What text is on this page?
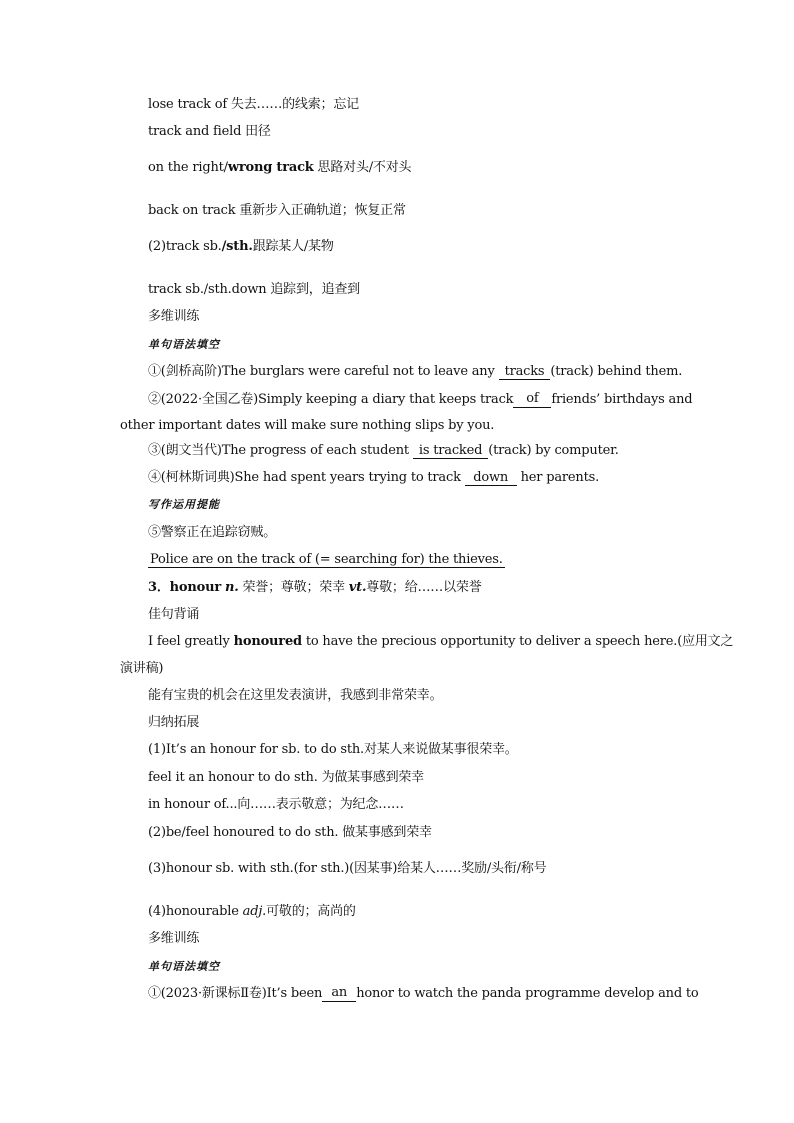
lose track of 失去……的线索；忘记
track and field 田径
on the right/wrong track 思路对头/不对头
back on track 重新步入正确轨道；恢复正常
(2)track sb./sth.跟踪某人/某物
track sb./sth.down 追踪到，追查到
多维训练
单句语法填空
①(剑桥高阶)The burglars were careful not to leave any tracks (track) behind them.
②(2022·全国乙卷)Simply keeping a diary that keeps track of friends’ birthdays and
other important dates will make sure nothing slips by you.
③(朗文当代)The progress of each student is tracked (track) by computer.
④(柯林斯词典)She had spent years trying to track down her parents.
写作运用提能
⑤警察正在追踪窃贼。
Police are on the track of (= searching for) the thieves.
3．honour n. 荣誉；尊敬；荣幸 vt.尊敬；给……以荣誉
佳句背诵
I feel greatly honoured to have the precious opportunity to deliver a speech here.(应用文之
演讲稿)
能有宝贵的机会在这里发表演讲，我感到非常荣幸。
归纳拓展
(1)It’s an honour for sb. to do sth.对某人来说做某事很荣幸。
feel it an honour to do sth. 为做某事感到荣幸
in honour of...向……表示敬意；为纪念……
(2)be/feel honoured to do sth. 做某事感到荣幸
(3)honour sb. with sth.(for sth.)(因某事)给某人……奖励/头衔/称号
(4)honourable adj.可敬的；高尚的
多维训练
单句语法填空
①(2023·新课标Ⅱ卷)It’s been an honor to watch the panda programme develop and to
